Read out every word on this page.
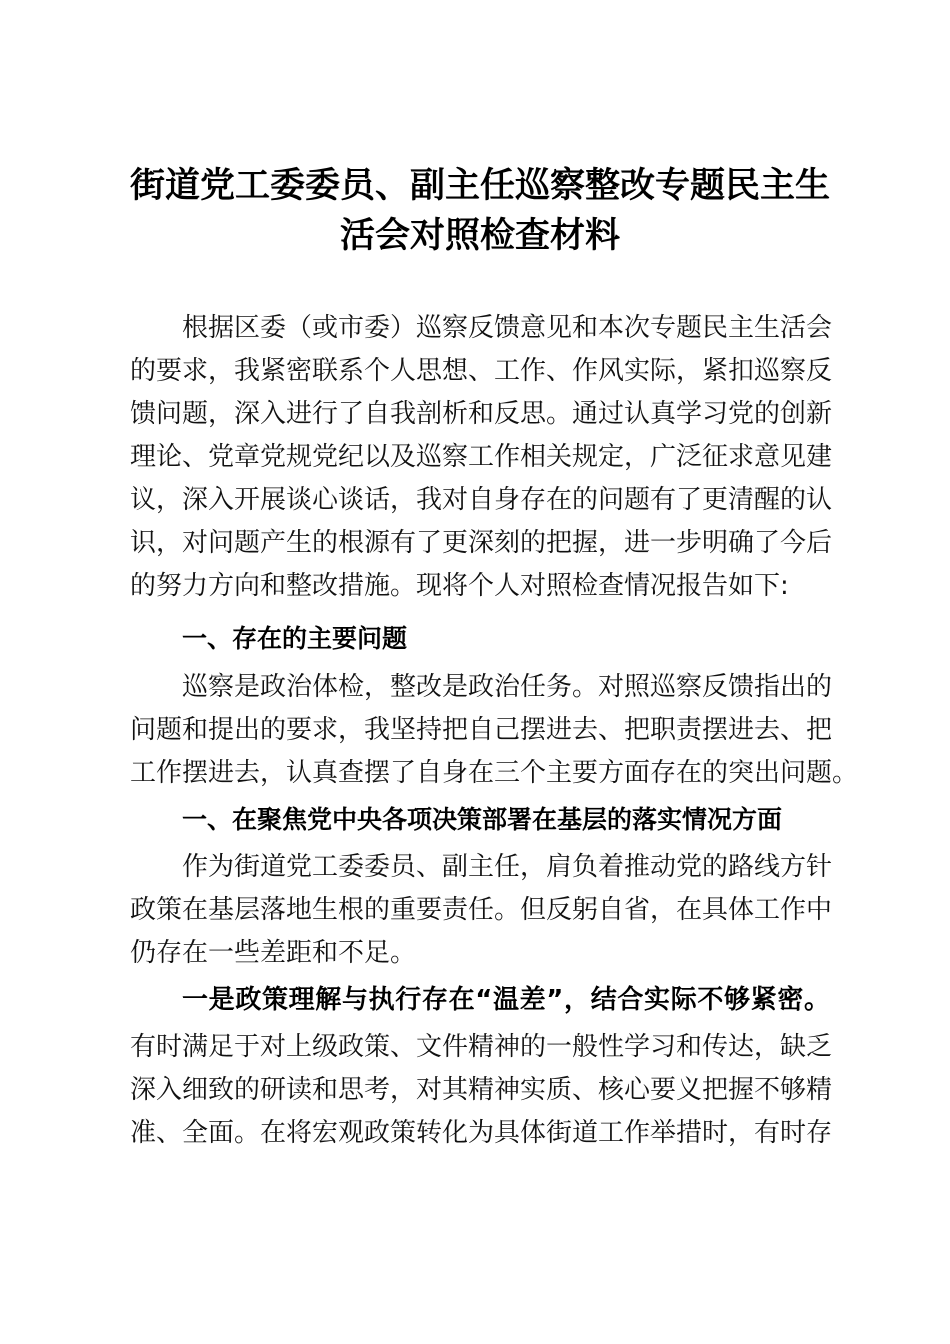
街道党工委委员、副主任巡察整改专题民主生
活会对照检查材料
根据区委（或市委）巡察反馈意见和本次专题民主生活会
的要求，我紧密联系个人思想、工作、作风实际，紧扣巡察反
馈问题，深入进行了自我剖析和反思。通过认真学习党的创新
理论、党章党规党纪以及巡察工作相关规定，广泛征求意见建
议，深入开展谈心谈话，我对自身存在的问题有了更清醒的认
识，对问题产生的根源有了更深刻的把握，进一步明确了今后
的努力方向和整改措施。现将个人对照检查情况报告如下:
一、存在的主要问题
巡察是政治体检，整改是政治任务。对照巡察反馈指出的
问题和提出的要求，我坚持把自己摆进去、把职责摆进去、把
工作摆进去，认真查摆了自身在三个主要方面存在的突出问题。
一、在聚焦党中央各项决策部署在基层的落实情况方面
作为街道党工委委员、副主任，肩负着推动党的路线方针
政策在基层落地生根的重要责任。但反躬自省，在具体工作中
仍存在一些差距和不足。
一是政策理解与执行存在“温差”，结合实际不够紧密。
有时满足于对上级政策、文件精神的一般性学习和传达，缺乏
深入细致的研读和思考，对其精神实质、核心要义把握不够精
准、全面。在将宏观政策转化为具体街道工作举措时，有时存
